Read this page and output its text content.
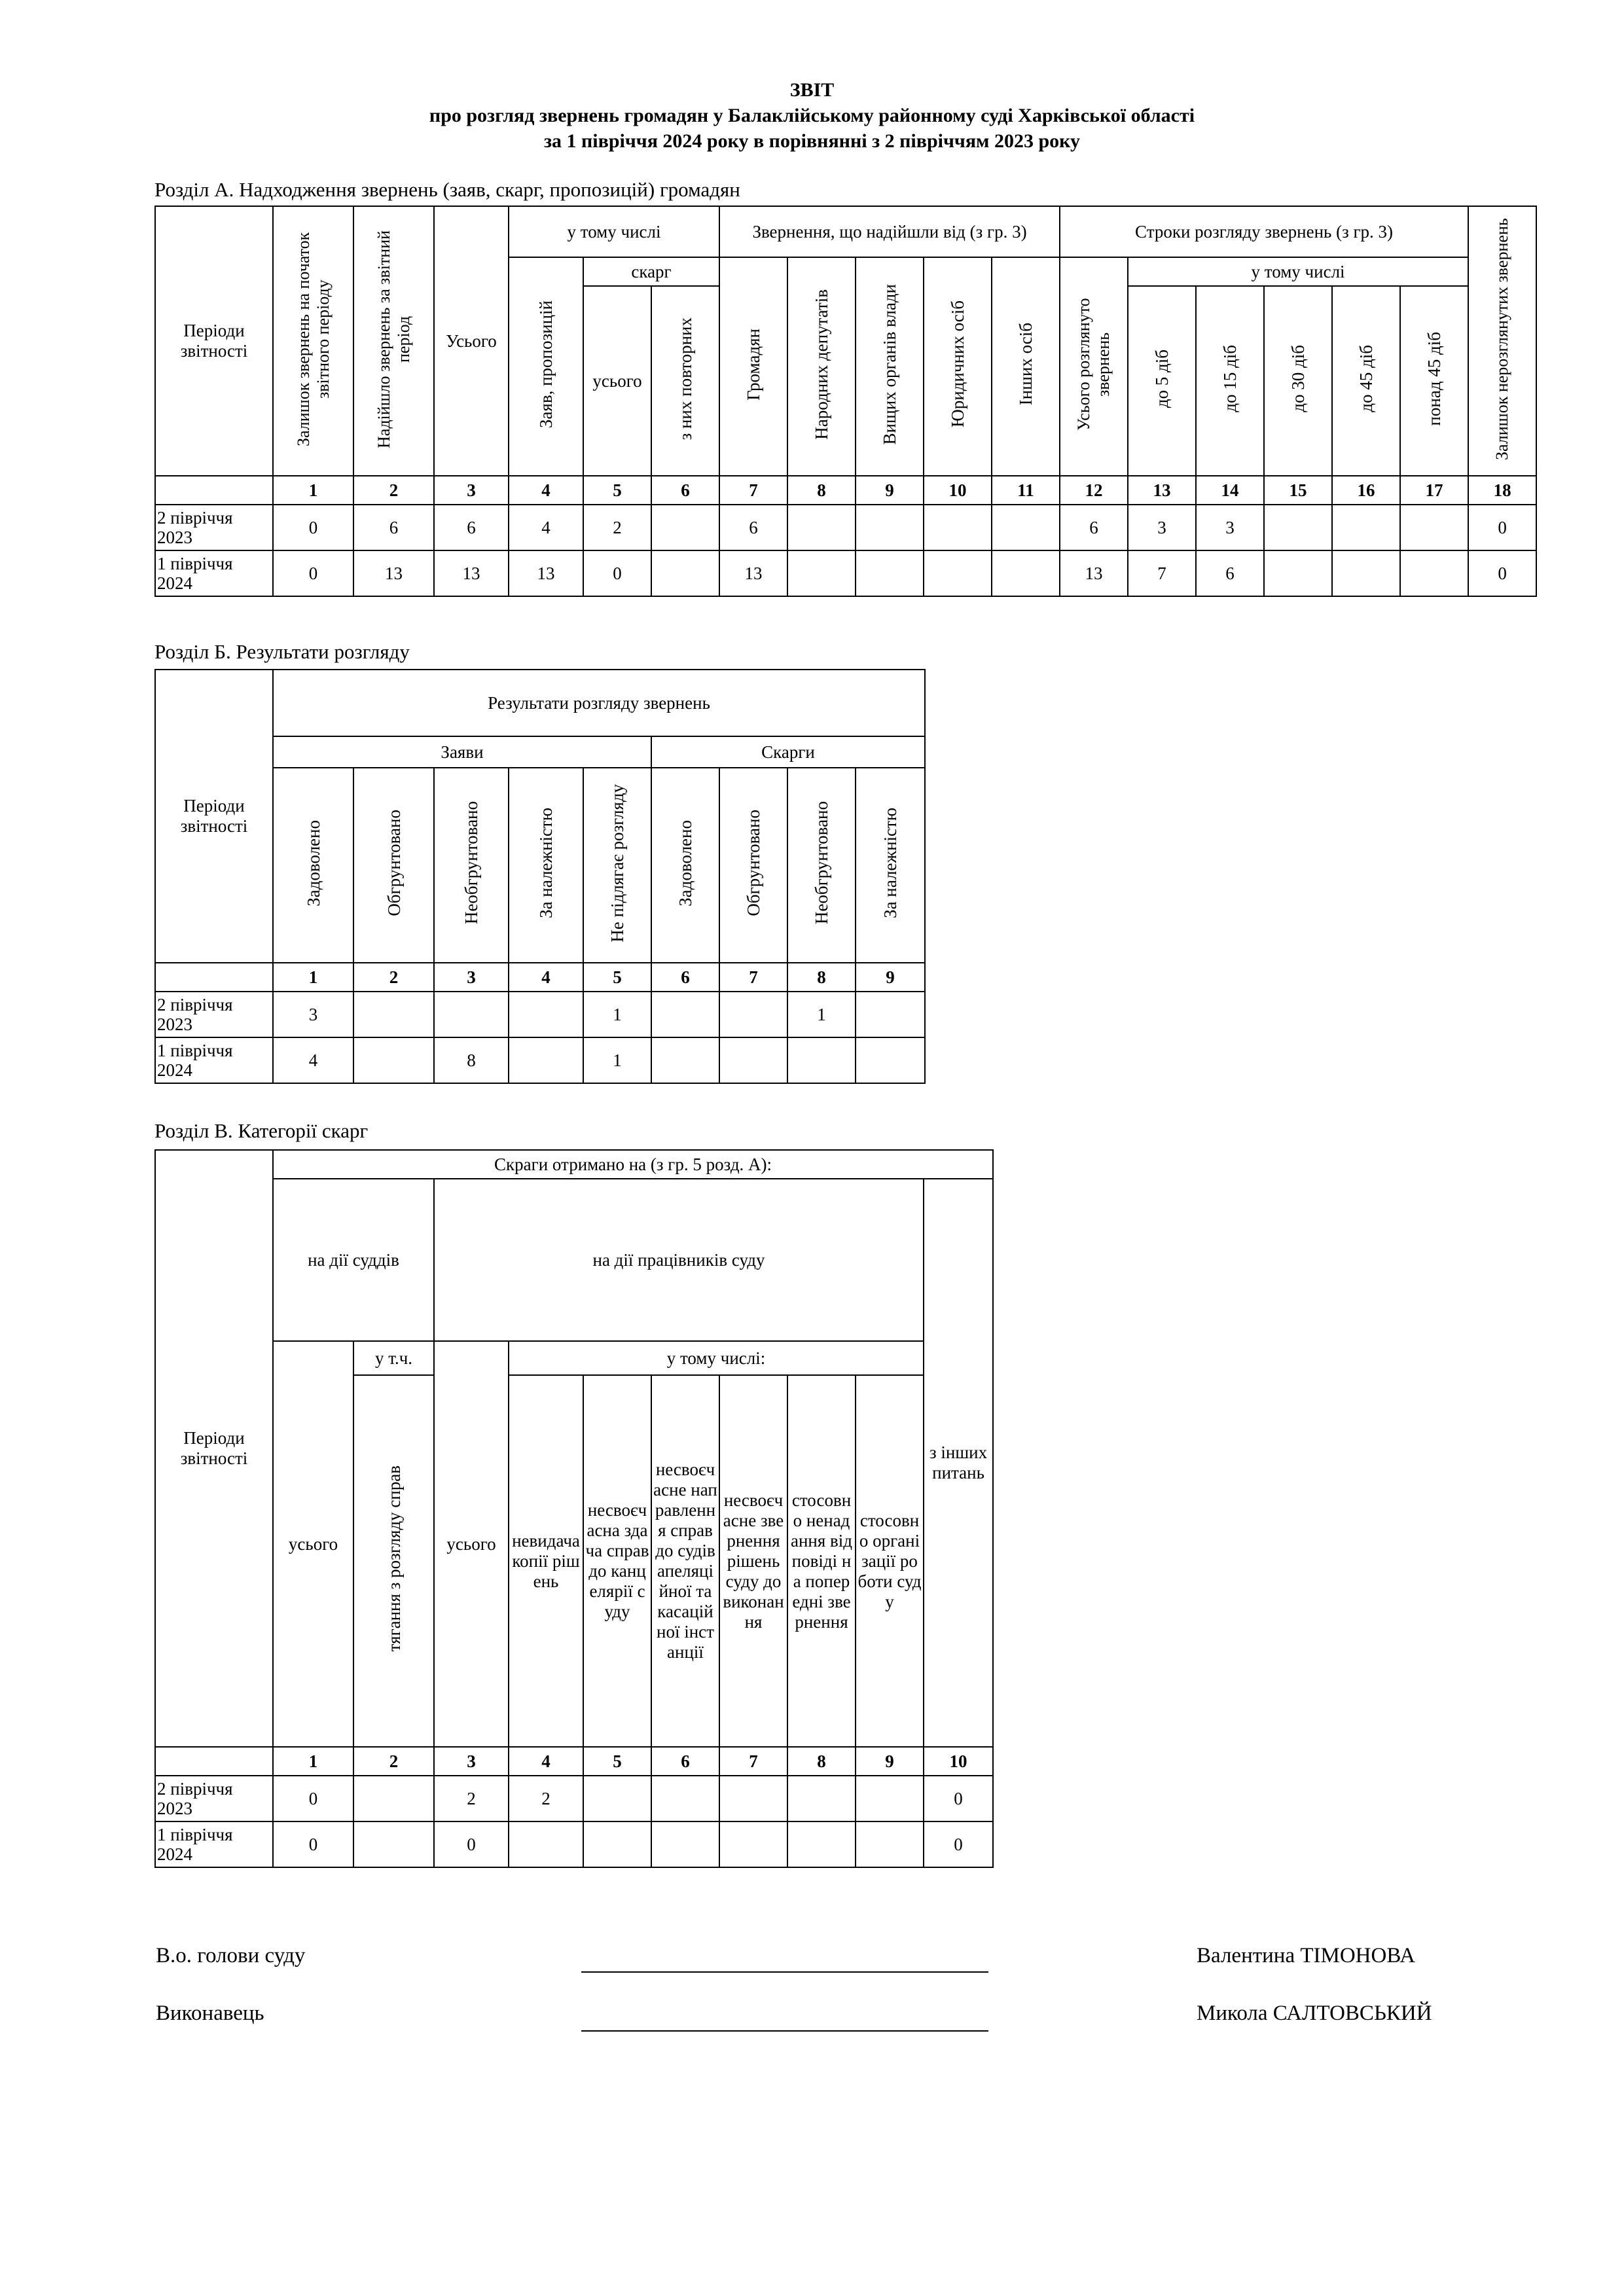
ЗВІТ
про розгляд звернень громадян у Балаклійському районному суді Харківської області
за 1 півріччя 2024 року в порівнянні з 2 півріччям 2023 року
Розділ А. Надходження звернень (заяв, скарг, пропозицій) громадян
Періоди звітності	Залишок звернень на початок звітного періоду	Надійшло звернень за звітний період	Усього	у тому числі			Звернення, що надійшли від (з гр. 3)					Строки розгляду звернень (з гр. 3)						Залишок нерозглянутих звернень
				Заяв, пропозицій	скарг		Громадян	Народних депутатів	Вищих органів влади	Юридичних осіб	Інших осіб	Усього розглянуто звернень	у тому числі					
					усього	з них повторних							до 5 діб	до 15 діб	до 30 діб	до 45 діб	понад 45 діб	
	1	2	3	4	5	6	7	8	9	10	11	12	13	14	15	16	17	18
2 півріччя 2023	0	6	6	4	2		6					6	3	3				0
1 півріччя 2024	0	13	13	13	0		13					13	7	6				0
Розділ Б. Результати розгляду
Періоди звітності	Результати розгляду звернень								
	Заяви					Скарги			
	Задоволено	Обгрунтовано	Необгрунтовано	За належністю	Не підлягає розгляду	Задоволено	Обгрунтовано	Необгрунтовано	За належністю
	1	2	3	4	5	6	7	8	9
2 півріччя 2023	3				1			1	
1 півріччя 2024	4		8		1				
Розділ В. Категорії скарг
Періоди звітності	Скраги отримано на (з гр. 5 розд. А):									
	на дії суддів		на дії працівників суду							з інших питань

	усього	у т.ч.	усього	у тому числі:						
		тягання з розгляду справ		невидача копії рішень	несвоєчасна здача справ до канцелярії суду	несвоєчасне направлення справ до судів апеляційної та касаційної інстанції	несвоєчасне звернення рішень суду до виконання	стосовно ненадання відповіді на попередні звернення	стосовно організації роботи суду	

	1	2	3	4	5	6	7	8	9	10
2 півріччя 2023	0		2	2						0
1 півріччя 2024	0		0							0
В.о. голови суду	Валентина ТІМОНОВА
Виконавець	Микола САЛТОВСЬКИЙ
